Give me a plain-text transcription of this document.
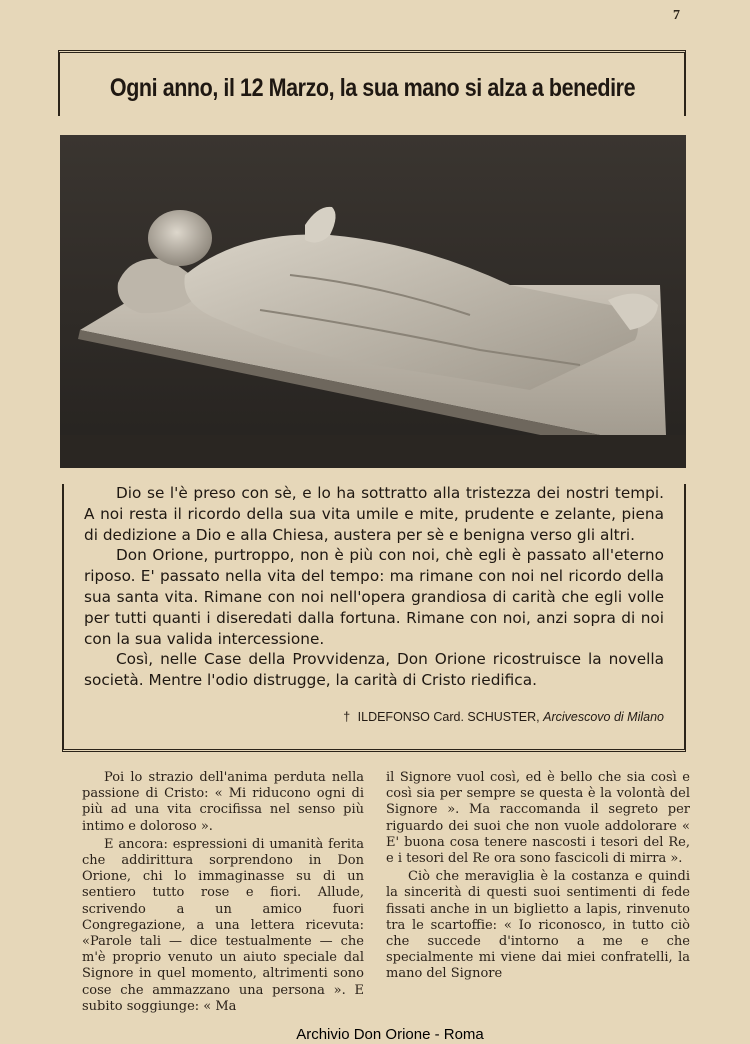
7
Ogni anno, il 12 Marzo, la sua mano si alza a benedire

Dio se l'è preso con sè, e lo ha sottratto alla tristezza dei nostri tempi. A noi resta il ricordo della sua vita umile e mite, prudente e zelante, piena di dedizione a Dio e alla Chiesa, austera per sè e benigna verso gli altri.

Don Orione, purtroppo, non è più con noi, chè egli è passato all'eterno riposo. E' passato nella vita del tempo: ma rimane con noi nel ricordo della sua santa vita. Rimane con noi nell'opera grandiosa di carità che egli volle per tutti quanti i diseredati dalla fortuna. Rimane con noi, anzi sopra di noi con la sua valida intercessione.

Così, nelle Case della Provvidenza, Don Orione ricostruisce la novella società. Mentre l'odio distrugge, la carità di Cristo riedifica.

† ILDEFONSO Card. SCHUSTER, Arcivescovo di Milano

Poi lo strazio dell'anima perduta nella passione di Cristo: « Mi riducono ogni di più ad una vita crocifissa nel senso più intimo e doloroso ».

E ancora: espressioni di umanità ferita che addirittura sorprendono in Don Orione, chi lo immaginasse su di un sentiero tutto rose e fiori. Allude, scrivendo a un amico fuori Congregazione, a una lettera ricevuta: «Parole tali — dice testualmente — che m'è proprio venuto un aiuto speciale dal Signore in quel momento, altrimenti sono cose che ammazzano una persona ». E subito soggiunge: « Ma

il Signore vuol così, ed è bello che sia così e così sia per sempre se questa è la volontà del Signore ». Ma raccomanda il segreto per riguardo dei suoi che non vuole addolorare « E' buona cosa tenere nascosti i tesori del Re, e i tesori del Re ora sono fascicoli di mirra ».

Ciò che meraviglia è la costanza e quindi la sincerità di questi suoi sentimenti di fede fissati anche in un biglietto a lapis, rinvenuto tra le scartoffie: « Io riconosco, in tutto ciò che succede d'intorno a me e che specialmente mi viene dai miei confratelli, la mano del Signore

Archivio Don Orione - Roma
